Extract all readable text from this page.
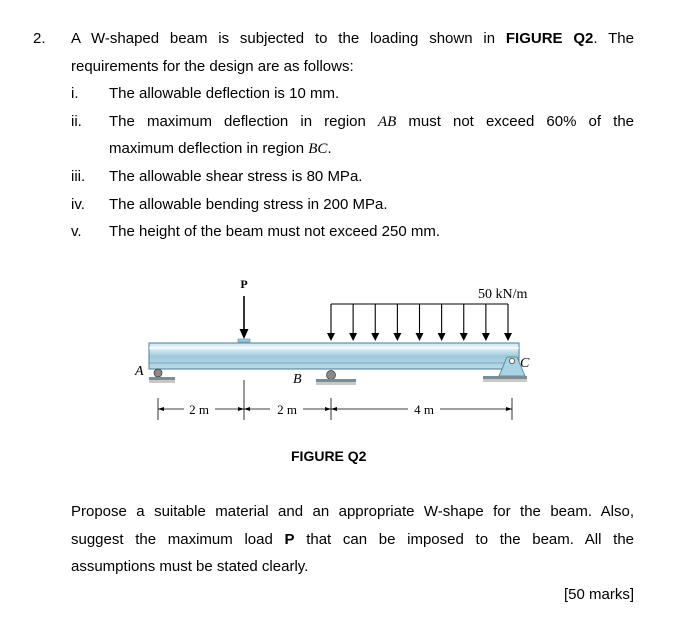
2. A W-shaped beam is subjected to the loading shown in FIGURE Q2. The
requirements for the design are as follows:
i. The allowable deflection is 10 mm.
ii. The maximum deflection in region AB must not exceed 60% of the
maximum deflection in region BC.
iii. The allowable shear stress is 80 MPa.
iv. The allowable bending stress in 200 MPa.
v. The height of the beam must not exceed 250 mm.
P
50 kN/m
A
B
C
2 m	2 m	4 m
FIGURE Q2
Propose a suitable material and an appropriate W-shape for the beam. Also,
suggest the maximum load P that can be imposed to the beam. All the
assumptions must be stated clearly.
[50 marks]
